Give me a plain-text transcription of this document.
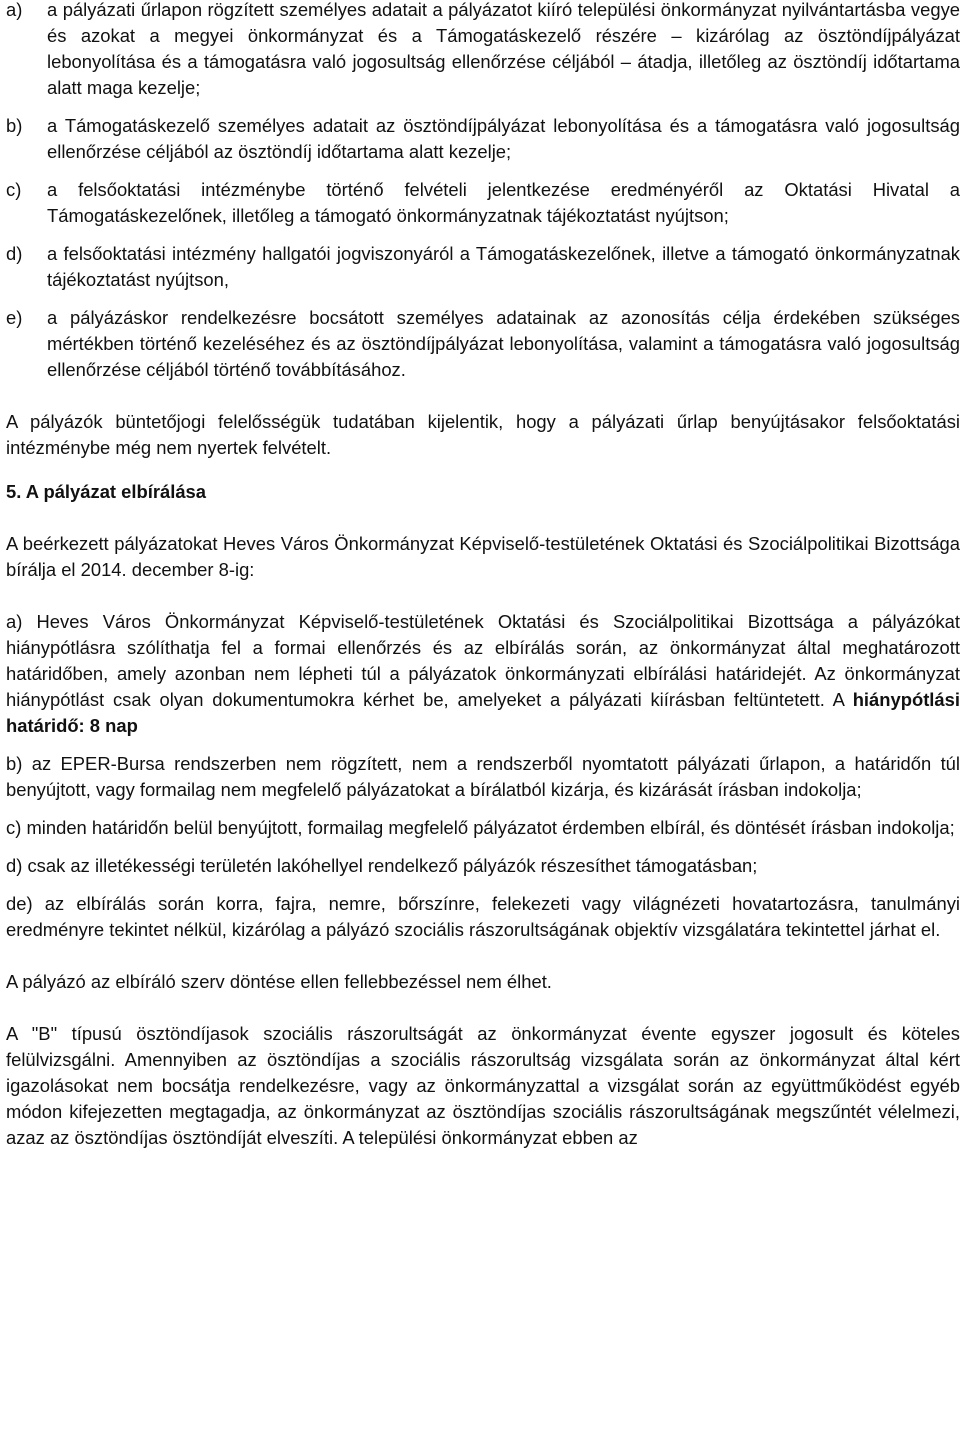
a)	a pályázati űrlapon rögzített személyes adatait a pályázatot kiíró települési önkormányzat nyilvántartásba vegye és azokat a megyei önkormányzat és a Támogatáskezelő részére – kizárólag az ösztöndíjpályázat lebonyolítása és a támogatásra való jogosultság ellenőrzése céljából – átadja, illetőleg az ösztöndíj időtartama alatt maga kezelje;
b)	a Támogatáskezelő személyes adatait az ösztöndíjpályázat lebonyolítása és a támogatásra való jogosultság ellenőrzése céljából az ösztöndíj időtartama alatt kezelje;
c)	a felsőoktatási intézménybe történő felvételi jelentkezése eredményéről az Oktatási Hivatal a Támogatáskezelőnek, illetőleg a támogató önkormányzatnak tájékoztatást nyújtson;
d)	a felsőoktatási intézmény hallgatói jogviszonyáról a Támogatáskezelőnek, illetve a támogató önkormányzatnak tájékoztatást nyújtson,
e)	a pályázáskor rendelkezésre bocsátott személyes adatainak az azonosítás célja érdekében szükséges mértékben történő kezeléséhez és az ösztöndíjpályázat lebonyolítása, valamint a támogatásra való jogosultság ellenőrzése céljából történő továbbításához.

A pályázók büntetőjogi felelősségük tudatában kijelentik, hogy a pályázati űrlap benyújtásakor felsőoktatási intézménybe még nem nyertek felvételt.

5. A pályázat elbírálása

A beérkezett pályázatokat Heves Város Önkormányzat Képviselő-testületének Oktatási és Szociálpolitikai Bizottsága bírálja el 2014. december 8-ig:

a) Heves Város Önkormányzat Képviselő-testületének Oktatási és Szociálpolitikai Bizottsága a pályázókat hiánypótlásra szólíthatja fel a formai ellenőrzés és az elbírálás során, az önkormányzat által meghatározott határidőben, amely azonban nem lépheti túl a pályázatok önkormányzati elbírálási határidejét. Az önkormányzat hiánypótlást csak olyan dokumentumokra kérhet be, amelyeket a pályázati kiírásban feltüntetett. A hiánypótlási határidő: 8 nap

b) az EPER-Bursa rendszerben nem rögzített, nem a rendszerből nyomtatott pályázati űrlapon, a határidőn túl benyújtott, vagy formailag nem megfelelő pályázatokat a bírálatból kizárja, és kizárását írásban indokolja;

c) minden határidőn belül benyújtott, formailag megfelelő pályázatot érdemben elbírál, és döntését írásban indokolja;

d) csak az illetékességi területén lakóhellyel rendelkező pályázók részesíthet támogatásban;

de) az elbírálás során korra, fajra, nemre, bőrszínre, felekezeti vagy világnézeti hovatartozásra, tanulmányi eredményre tekintet nélkül, kizárólag a pályázó szociális rászorultságának objektív vizsgálatára tekintettel járhat el.

A pályázó az elbíráló szerv döntése ellen fellebbezéssel nem élhet.

A "B" típusú ösztöndíjasok szociális rászorultságát az önkormányzat évente egyszer jogosult és köteles felülvizsgálni. Amennyiben az ösztöndíjas a szociális rászorultság vizsgálata során az önkormányzat által kért igazolásokat nem bocsátja rendelkezésre, vagy az önkormányzattal a vizsgálat során az együttműködést egyéb módon kifejezetten megtagadja, az önkormányzat az ösztöndíjas szociális rászorultságának megszűntét vélelmezi, azaz az ösztöndíjas ösztöndíját elveszíti. A települési önkormányzat ebben az
